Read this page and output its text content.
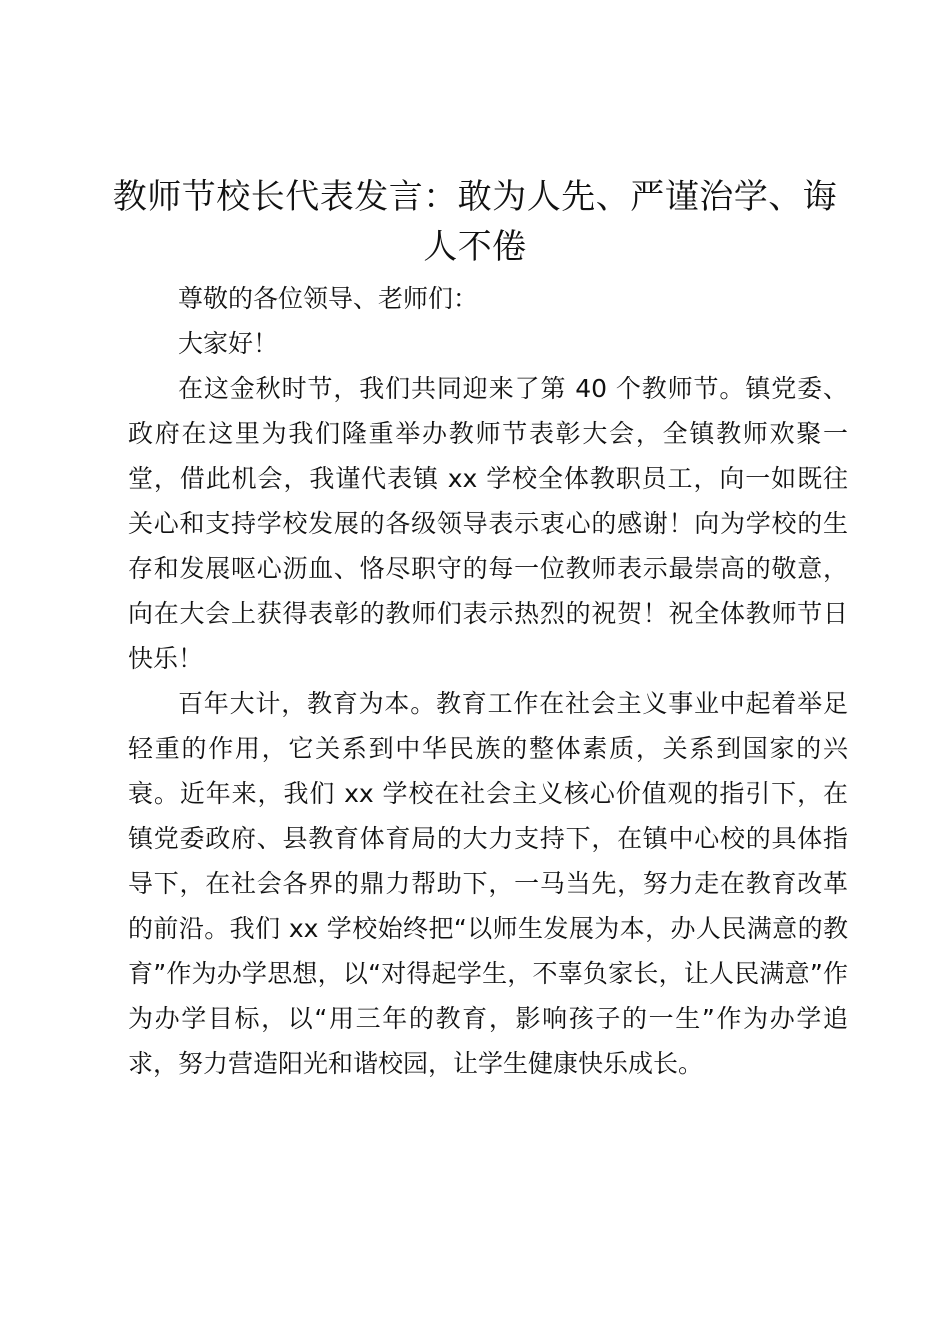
教师节校长代表发言：敢为人先、严谨治学、诲人不倦

尊敬的各位领导、老师们：

大家好！

在这金秋时节，我们共同迎来了第 40 个教师节。镇党委、政府在这里为我们隆重举办教师节表彰大会，全镇教师欢聚一堂，借此机会，我谨代表镇 xx 学校全体教职员工，向一如既往关心和支持学校发展的各级领导表示衷心的感谢！向为学校的生存和发展呕心沥血、恪尽职守的每一位教师表示最崇高的敬意，向在大会上获得表彰的教师们表示热烈的祝贺！祝全体教师节日快乐！

百年大计，教育为本。教育工作在社会主义事业中起着举足轻重的作用，它关系到中华民族的整体素质，关系到国家的兴衰。近年来，我们 xx 学校在社会主义核心价值观的指引下，在镇党委政府、县教育体育局的大力支持下，在镇中心校的具体指导下，在社会各界的鼎力帮助下，一马当先，努力走在教育改革的前沿。我们 xx 学校始终把“以师生发展为本，办人民满意的教育”作为办学思想，以“对得起学生，不辜负家长，让人民满意”作为办学目标，以“用三年的教育，影响孩子的一生”作为办学追求，努力营造阳光和谐校园，让学生健康快乐成长。
